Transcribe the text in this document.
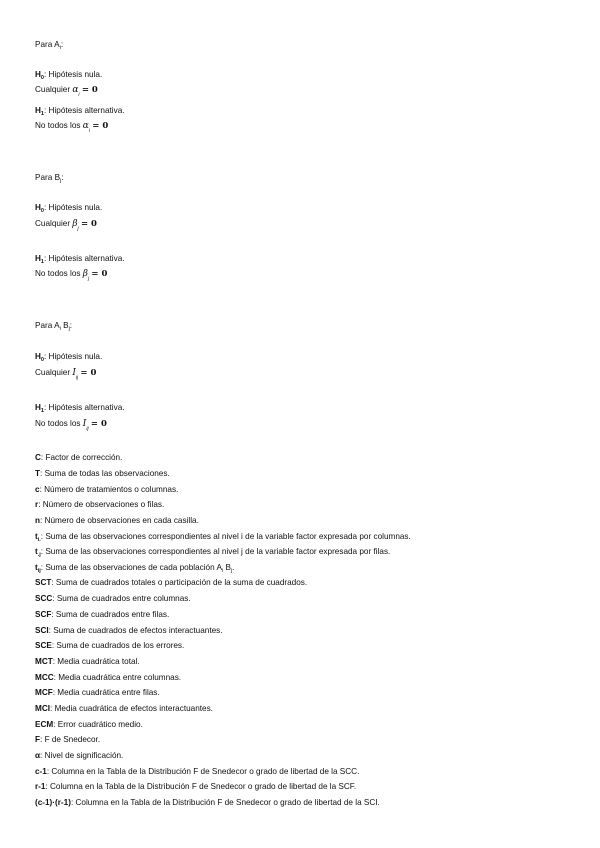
Para $A_i$:
$H_0$: Hipótesis nula.
Cualquier $\alpha_i = 0$
$H_1$: Hipótesis alternativa.
No todos los $\alpha_i = 0$
Para $B_j$:
$H_0$: Hipótesis nula.
Cualquier $\beta_j = 0$
$H_1$: Hipótesis alternativa.
No todos los $\beta_j = 0$
Para $A_i$ $B_j$:
$H_0$: Hipótesis nula.
Cualquier $I_{ij} = 0$
$H_1$: Hipótesis alternativa.
No todos los $I_{ij} = 0$
C: Factor de corrección.
T: Suma de todas las observaciones.
c: Número de tratamientos o columnas.
r: Número de observaciones o filas.
n: Número de observaciones en cada casilla.
$t_{i.}$: Suma de las observaciones correspondientes al nivel i de la variable factor expresada por columnas.
$t_{.j}$: Suma de las observaciones correspondientes al nivel j de la variable factor expresada por filas.
$t_{ij}$: Suma de las observaciones de cada población $A_i$ $B_j$.
SCT: Suma de cuadrados totales o participación de la suma de cuadrados.
SCC: Suma de cuadrados entre columnas.
SCF: Suma de cuadrados entre filas.
SCI: Suma de cuadrados de efectos interactuantes.
SCE: Suma de cuadrados de los errores.
MCT: Media cuadrática total.
MCC: Media cuadrática entre columnas.
MCF: Media cuadrática entre filas.
MCI: Media cuadrática de efectos interactuantes.
ECM: Error cuadrático medio.
F: F de Snedecor.
α: Nivel de significación.
c-1: Columna en la Tabla de la Distribución F de Snedecor o grado de libertad de la SCC.
r-1: Columna en la Tabla de la Distribución F de Snedecor o grado de libertad de la SCF.
(c-1)·(r-1): Columna en la Tabla de la Distribución F de Snedecor o grado de libertad de la SCI.
